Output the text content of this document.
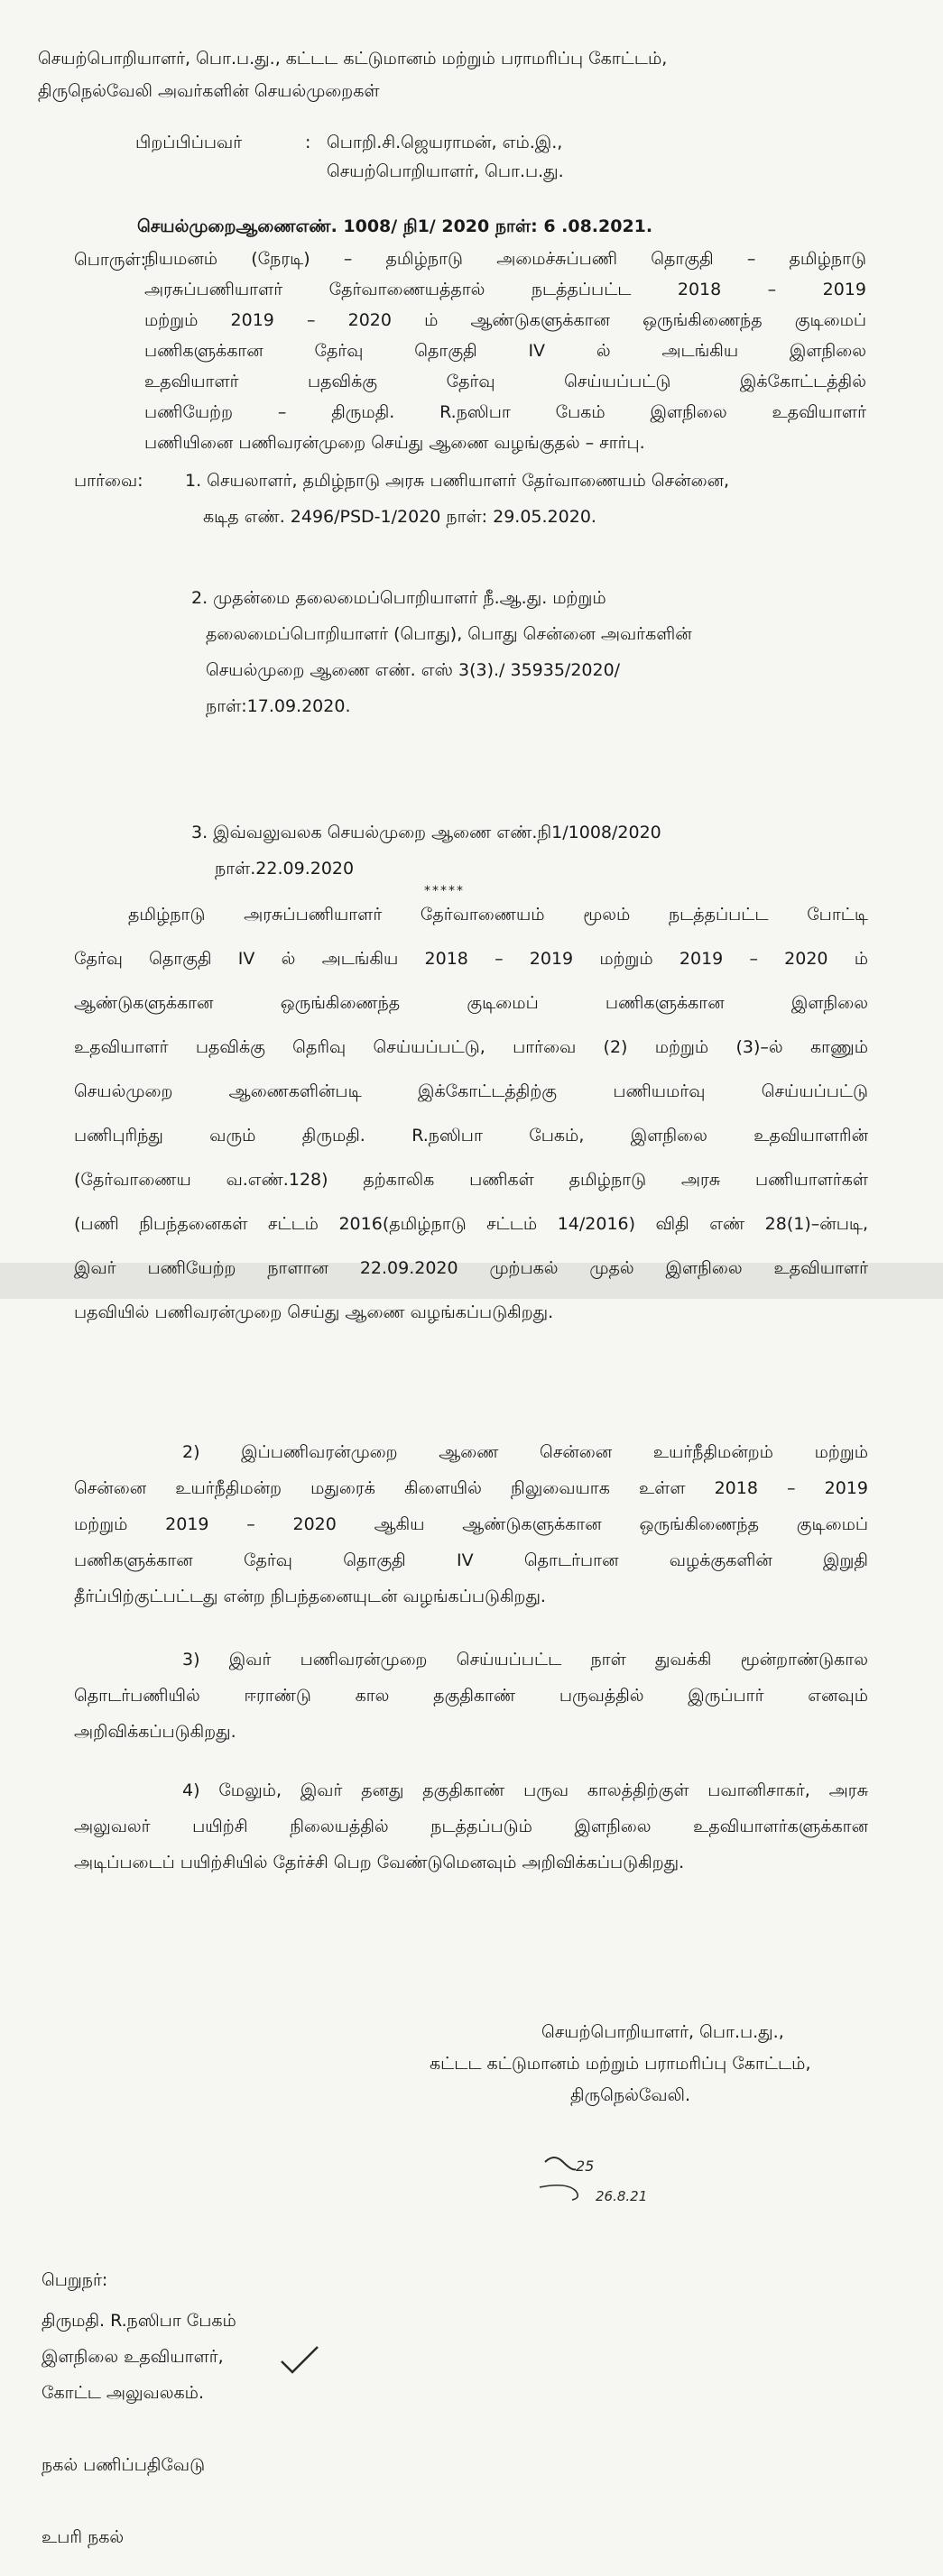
செயற்பொறியாளர், பொ.ப.து., கட்டட கட்டுமானம் மற்றும் பராமரிப்பு கோட்டம்,

திருநெல்வேலி அவர்களின் செயல்முறைகள்

பிறப்பிப்பவர்	: பொறி.சி.ஜெயராமன், எம்.இ.,

செயற்பொறியாளர், பொ.ப.து.

செயல்முறைஆணைஎண். 1008/ நி1/ 2020 நாள்: 6 .08.2021.

பொருள்:

நியமனம் (நேரடி) – தமிழ்நாடு அமைச்சுப்பணி தொகுதி – தமிழ்நாடு
அரசுப்பணியாளர் தேர்வாணையத்தால் நடத்தப்பட்ட 2018 – 2019
மற்றும் 2019 – 2020 ம் ஆண்டுகளுக்கான ஒருங்கிணைந்த குடிமைப்
பணிகளுக்கான தேர்வு தொகுதி IV ல் அடங்கிய இளநிலை
உதவியாளர் பதவிக்கு தேர்வு செய்யப்பட்டு இக்கோட்டத்தில்
பணியேற்ற – திருமதி. R.நஸிபா பேகம் இளநிலை உதவியாளர்
பணியினை பணிவரன்முறை செய்து ஆணை வழங்குதல் – சார்பு.

பார்வை: 1. செயலாளர், தமிழ்நாடு அரசு பணியாளர் தேர்வாணையம் சென்னை,

கடித எண். 2496/PSD-1/2020 நாள்: 29.05.2020.

2. முதன்மை தலைமைப்பொறியாளர் நீ.ஆ.து. மற்றும்

தலைமைப்பொறியாளர் (பொது), பொது சென்னை அவர்களின்

செயல்முறை ஆணை எண். எஸ் 3(3)./ 35935/2020/

நாள்:17.09.2020.

3. இவ்வலுவலக செயல்முறை ஆணை எண்.நி1/1008/2020

நாள்.22.09.2020

*****
தமிழ்நாடு அரசுப்பணியாளர் தேர்வாணையம் மூலம் நடத்தப்பட்ட போட்டி
தேர்வு தொகுதி IV ல் அடங்கிய 2018 – 2019 மற்றும் 2019 – 2020 ம்
ஆண்டுகளுக்கான ஒருங்கிணைந்த குடிமைப் பணிகளுக்கான இளநிலை
உதவியாளர் பதவிக்கு தெரிவு செய்யப்பட்டு, பார்வை (2) மற்றும் (3)–ல் காணும்
செயல்முறை ஆணைகளின்படி இக்கோட்டத்திற்கு பணியமர்வு செய்யப்பட்டு
பணிபுரிந்து வரும் திருமதி. R.நஸிபா பேகம், இளநிலை உதவியாளரின்
(தேர்வாணைய வ.எண்.128) தற்காலிக பணிகள் தமிழ்நாடு அரசு பணியாளர்கள்
(பணி நிபந்தனைகள் சட்டம் 2016(தமிழ்நாடு சட்டம் 14/2016) விதி எண் 28(1)–ன்படி,
இவர் பணியேற்ற நாளான 22.09.2020 முற்பகல் முதல் இளநிலை உதவியாளர்
பதவியில் பணிவரன்முறை செய்து ஆணை வழங்கப்படுகிறது.
2) இப்பணிவரன்முறை ஆணை சென்னை உயர்நீதிமன்றம் மற்றும்
சென்னை உயர்நீதிமன்ற மதுரைக் கிளையில் நிலுவையாக உள்ள 2018 – 2019
மற்றும் 2019 – 2020 ஆகிய ஆண்டுகளுக்கான ஒருங்கிணைந்த குடிமைப்
பணிகளுக்கான தேர்வு தொகுதி IV தொடர்பான வழக்குகளின் இறுதி
தீர்ப்பிற்குட்பட்டது என்ற நிபந்தனையுடன் வழங்கப்படுகிறது.
3) இவர் பணிவரன்முறை செய்யப்பட்ட நாள் துவக்கி மூன்றாண்டுகால
தொடர்பணியில் ஈராண்டு கால தகுதிகாண் பருவத்தில் இருப்பார் எனவும்
அறிவிக்கப்படுகிறது.
4) மேலும், இவர் தனது தகுதிகாண் பருவ காலத்திற்குள் பவானிசாகர், அரசு
அலுவலர் பயிற்சி நிலையத்தில் நடத்தப்படும் இளநிலை உதவியாளர்களுக்கான
அடிப்படைப் பயிற்சியில் தேர்ச்சி பெற வேண்டுமெனவும் அறிவிக்கப்படுகிறது.

செயற்பொறியாளர், பொ.ப.து.,

கட்டட கட்டுமானம் மற்றும் பராமரிப்பு கோட்டம்,

திருநெல்வேலி.

25
26.8.21

பெறுநர்:

திருமதி. R.நஸிபா பேகம்

இளநிலை உதவியாளர்,

கோட்ட அலுவலகம்.

நகல் பணிப்பதிவேடு

உபரி நகல்
